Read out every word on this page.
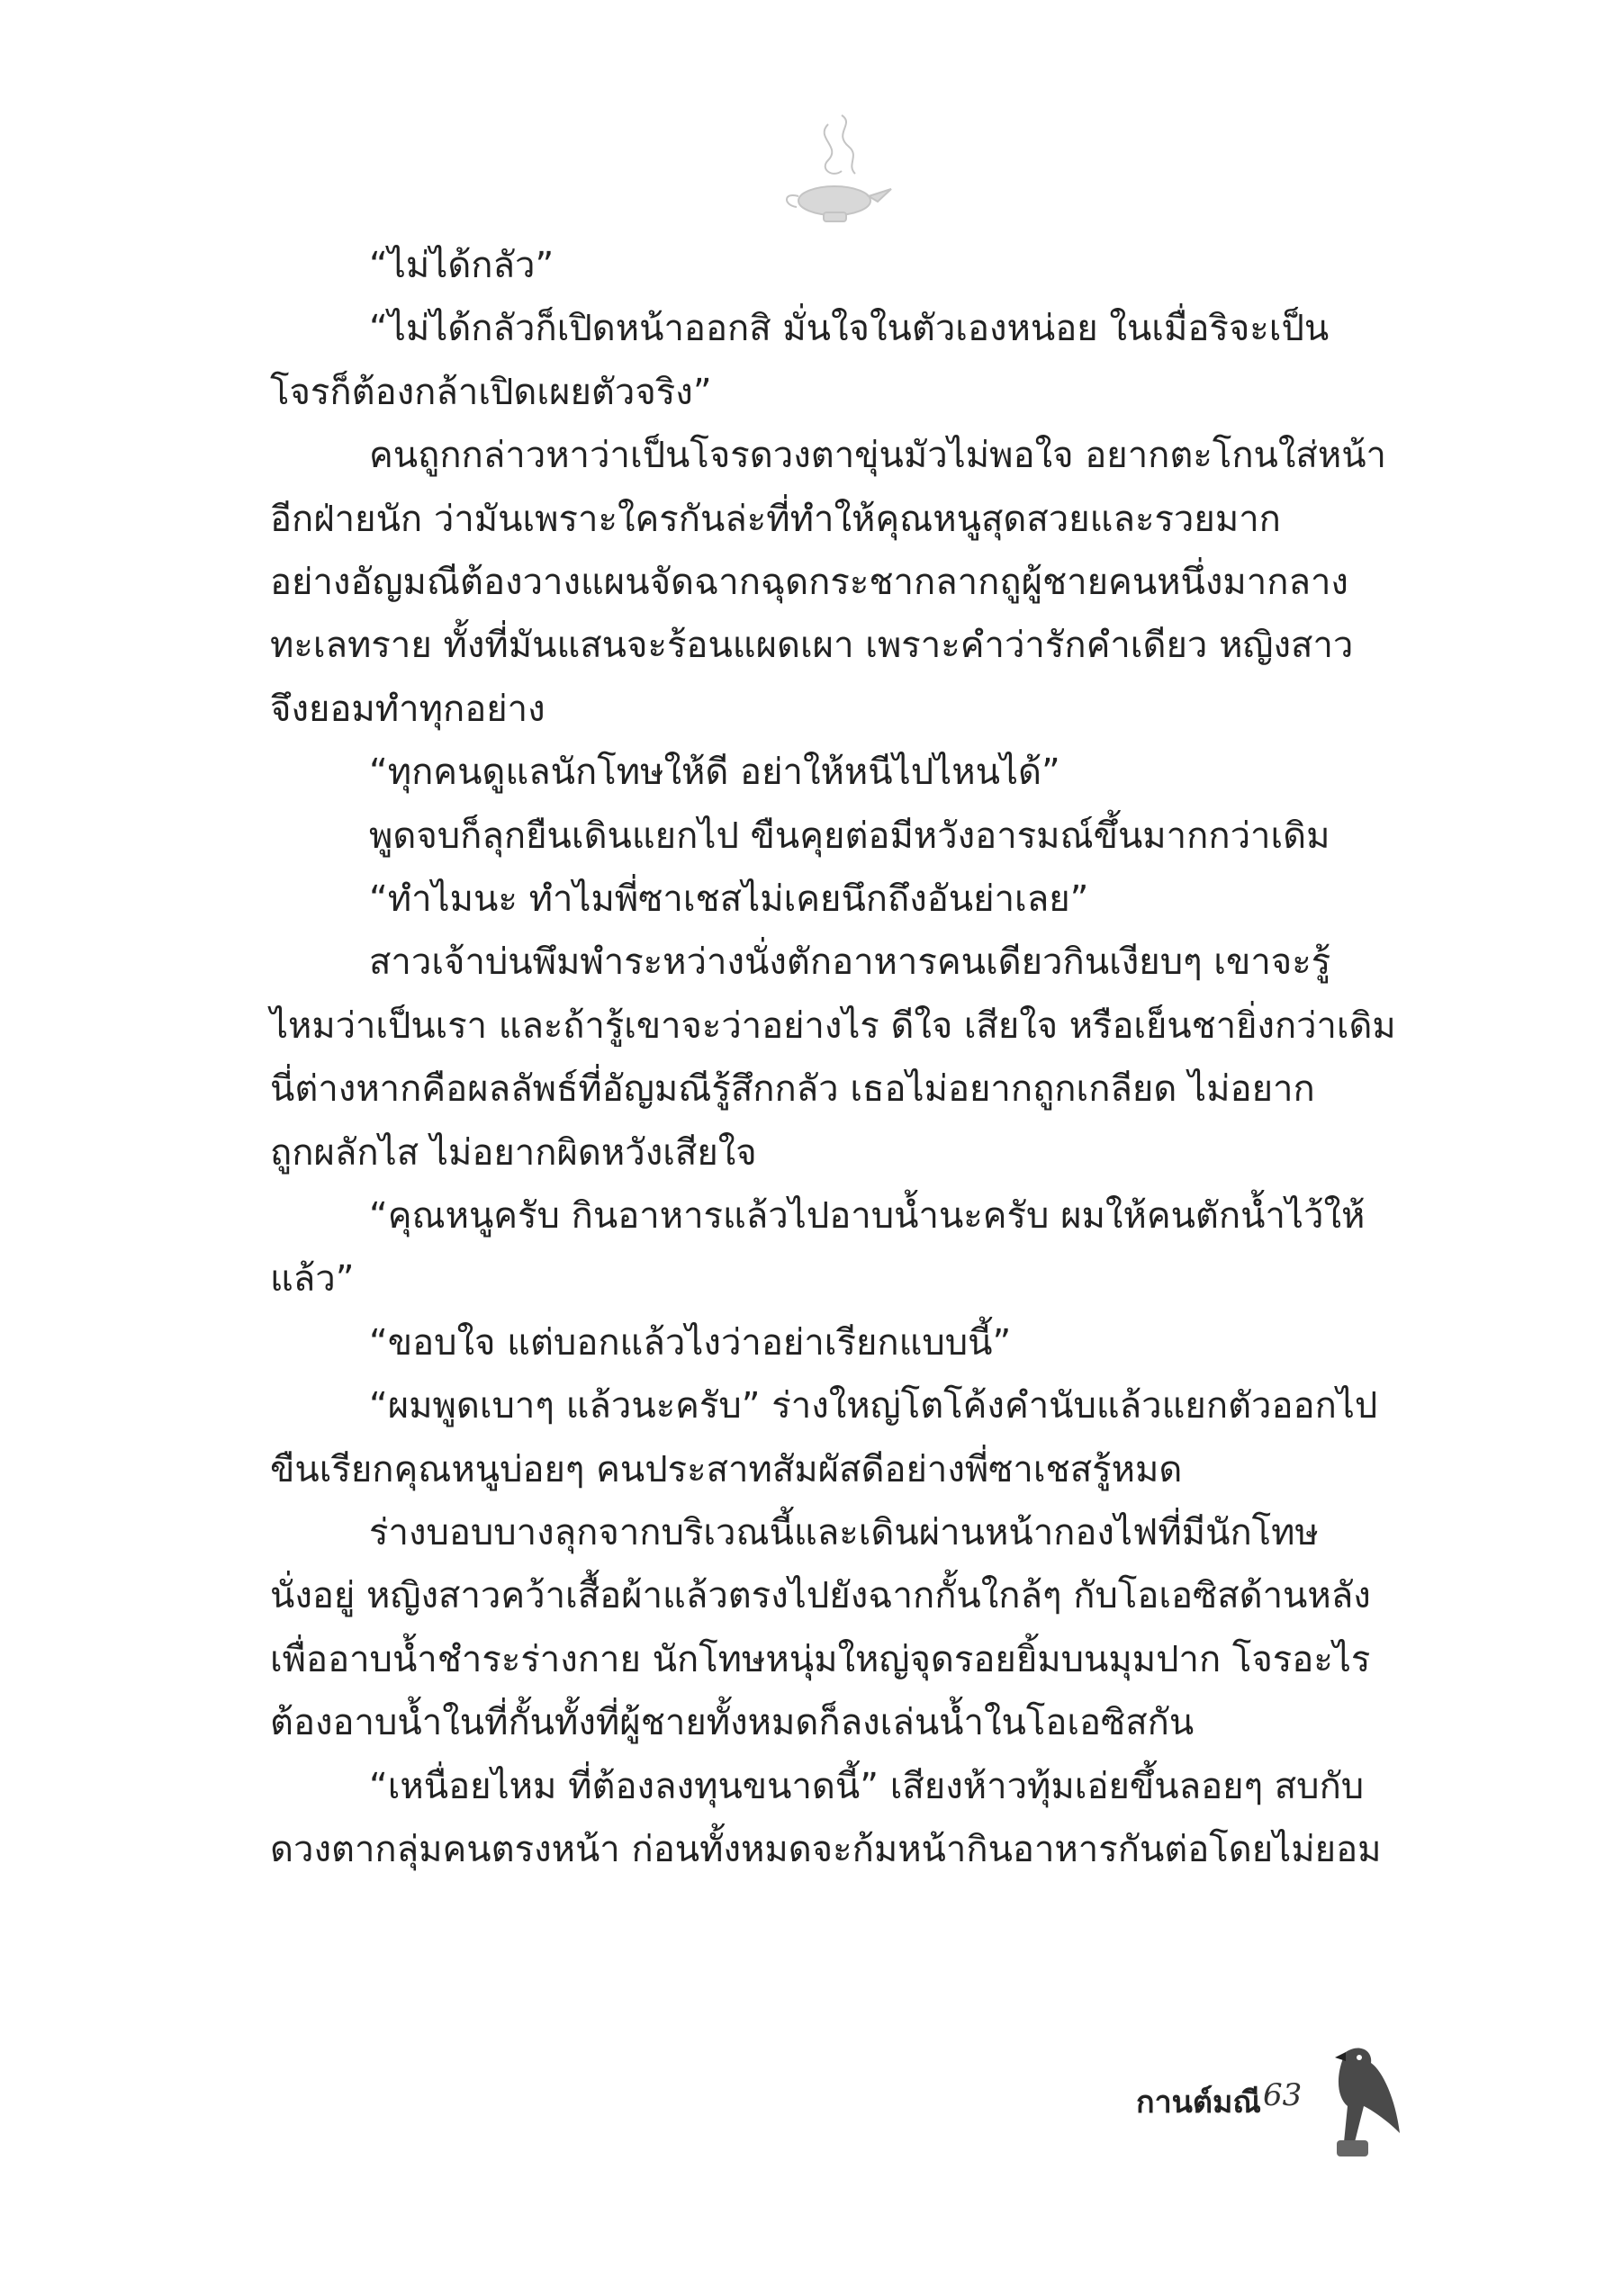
“ไม่ได้กลัว”
“ไม่ได้กลัวก็เปิดหน้าออกสิ มั่นใจในตัวเองหน่อย ในเมื่อริจะเป็น
โจรก็ต้องกล้าเปิดเผยตัวจริง”
คนถูกกล่าวหาว่าเป็นโจรดวงตาขุ่นมัวไม่พอใจ อยากตะโกนใส่หน้า
อีกฝ่ายนัก ว่ามันเพราะใครกันล่ะที่ทำให้คุณหนูสุดสวยและรวยมาก
อย่างอัญมณีต้องวางแผนจัดฉากฉุดกระชากลากถูผู้ชายคนหนึ่งมากลาง
ทะเลทราย ทั้งที่มันแสนจะร้อนแผดเผา เพราะคำว่ารักคำเดียว หญิงสาว
จึงยอมทำทุกอย่าง
“ทุกคนดูแลนักโทษให้ดี อย่าให้หนีไปไหนได้”
พูดจบก็ลุกยืนเดินแยกไป ขืนคุยต่อมีหวังอารมณ์ขึ้นมากกว่าเดิม
“ทำไมนะ ทำไมพี่ซาเชสไม่เคยนึกถึงอันย่าเลย”
สาวเจ้าบ่นพึมพำระหว่างนั่งตักอาหารคนเดียวกินเงียบๆ เขาจะรู้
ไหมว่าเป็นเรา และถ้ารู้เขาจะว่าอย่างไร ดีใจ เสียใจ หรือเย็นชายิ่งกว่าเดิม
นี่ต่างหากคือผลลัพธ์ที่อัญมณีรู้สึกกลัว เธอไม่อยากถูกเกลียด ไม่อยาก
ถูกผลักไส ไม่อยากผิดหวังเสียใจ
“คุณหนูครับ กินอาหารแล้วไปอาบน้ำนะครับ ผมให้คนตักน้ำไว้ให้
แล้ว”
“ขอบใจ แต่บอกแล้วไงว่าอย่าเรียกแบบนี้”
“ผมพูดเบาๆ แล้วนะครับ” ร่างใหญ่โตโค้งคำนับแล้วแยกตัวออกไป
ขืนเรียกคุณหนูบ่อยๆ คนประสาทสัมผัสดีอย่างพี่ซาเชสรู้หมด
ร่างบอบบางลุกจากบริเวณนี้และเดินผ่านหน้ากองไฟที่มีนักโทษ
นั่งอยู่ หญิงสาวคว้าเสื้อผ้าแล้วตรงไปยังฉากกั้นใกล้ๆ กับโอเอซิสด้านหลัง
เพื่ออาบน้ำชำระร่างกาย นักโทษหนุ่มใหญ่จุดรอยยิ้มบนมุมปาก โจรอะไร
ต้องอาบน้ำในที่กั้นทั้งที่ผู้ชายทั้งหมดก็ลงเล่นน้ำในโอเอซิสกัน
“เหนื่อยไหม ที่ต้องลงทุนขนาดนี้” เสียงห้าวทุ้มเอ่ยขึ้นลอยๆ สบกับ
ดวงตากลุ่มคนตรงหน้า ก่อนทั้งหมดจะก้มหน้ากินอาหารกันต่อโดยไม่ยอม
กานต์มณี 63
